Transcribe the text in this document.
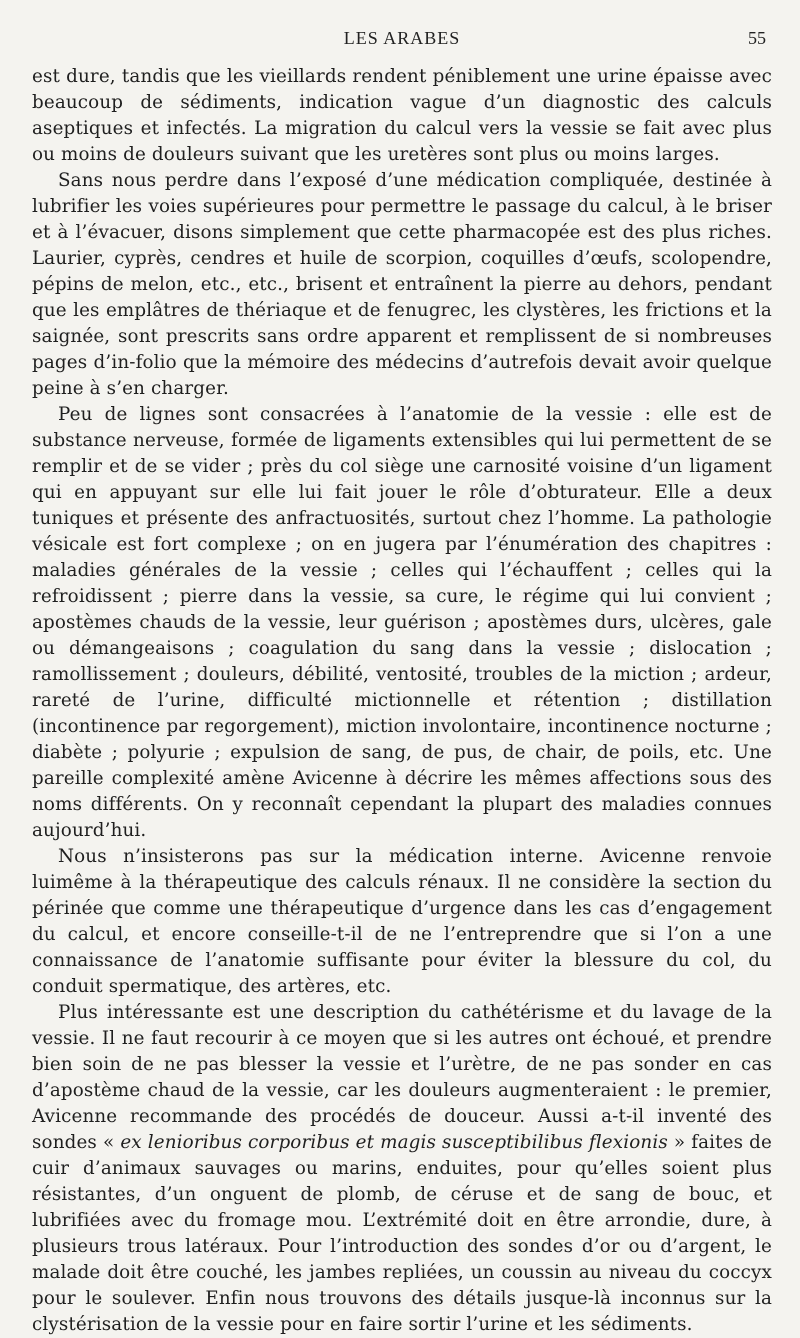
LES ARABES	55

est dure, tandis que les vieillards rendent péniblement une urine épaisse avec beaucoup de sédiments, indication vague d’un diagnostic des calculs aseptiques et infectés. La migration du calcul vers la vessie se fait avec plus ou moins de douleurs suivant que les uretères sont plus ou moins larges.

Sans nous perdre dans l’exposé d’une médication compliquée, destinée à lubrifier les voies supérieures pour permettre le passage du calcul, à le briser et à l’évacuer, disons simplement que cette pharmacopée est des plus riches. Laurier, cyprès, cendres et huile de scorpion, coquilles d’œufs, scolopendre, pépins de melon, etc., etc., brisent et entraînent la pierre au dehors, pendant que les emplâtres de thériaque et de fenugrec, les clystères, les frictions et la saignée, sont prescrits sans ordre apparent et remplissent de si nombreuses pages d’in-folio que la mémoire des médecins d’autrefois devait avoir quelque peine à s’en charger.

Peu de lignes sont consacrées à l’anatomie de la vessie : elle est de substance nerveuse, formée de ligaments extensibles qui lui permettent de se remplir et de se vider ; près du col siège une carnosité voisine d’un ligament qui en appuyant sur elle lui fait jouer le rôle d’obturateur. Elle a deux tuniques et présente des anfractuosités, surtout chez l’homme. La pathologie vésicale est fort complexe ; on en jugera par l’énumération des chapitres : maladies générales de la vessie ; celles qui l’échauffent ; celles qui la refroidissent ; pierre dans la vessie, sa cure, le régime qui lui convient ; apostèmes chauds de la vessie, leur guérison ; apostèmes durs, ulcères, gale ou démangeaisons ; coagulation du sang dans la vessie ; dislocation ; ramollissement ; douleurs, débilité, ventosité, troubles de la miction ; ardeur, rareté de l’urine, difficulté mictionnelle et rétention ; distillation (incontinence par regorgement), miction involontaire, incontinence nocturne ; diabète ; polyurie ; expulsion de sang, de pus, de chair, de poils, etc. Une pareille complexité amène Avicenne à décrire les mêmes affections sous des noms différents. On y reconnaît cependant la plupart des maladies connues aujourd’hui.

Nous n’insisterons pas sur la médication interne. Avicenne renvoie luimême à la thérapeutique des calculs rénaux. Il ne considère la section du périnée que comme une thérapeutique d’urgence dans les cas d’engagement du calcul, et encore conseille-t-il de ne l’entreprendre que si l’on a une connaissance de l’anatomie suffisante pour éviter la blessure du col, du conduit spermatique, des artères, etc.

Plus intéressante est une description du cathétérisme et du lavage de la vessie. Il ne faut recourir à ce moyen que si les autres ont échoué, et prendre bien soin de ne pas blesser la vessie et l’urètre, de ne pas sonder en cas d’apostème chaud de la vessie, car les douleurs augmenteraient : le premier, Avicenne recommande des procédés de douceur. Aussi a-t-il inventé des sondes « ex lenioribus corporibus et magis susceptibilibus flexionis » faites de cuir d’animaux sauvages ou marins, enduites, pour qu’elles soient plus résistantes, d’un onguent de plomb, de céruse et de sang de bouc, et lubrifiées avec du fromage mou. L’extrémité doit en être arrondie, dure, à plusieurs trous latéraux. Pour l’introduction des sondes d’or ou d’argent, le malade doit être couché, les jambes repliées, un coussin au niveau du coccyx pour le soulever. Enfin nous trouvons des détails jusque-là inconnus sur la clystérisation de la vessie pour en faire sortir l’urine et les sédiments.
